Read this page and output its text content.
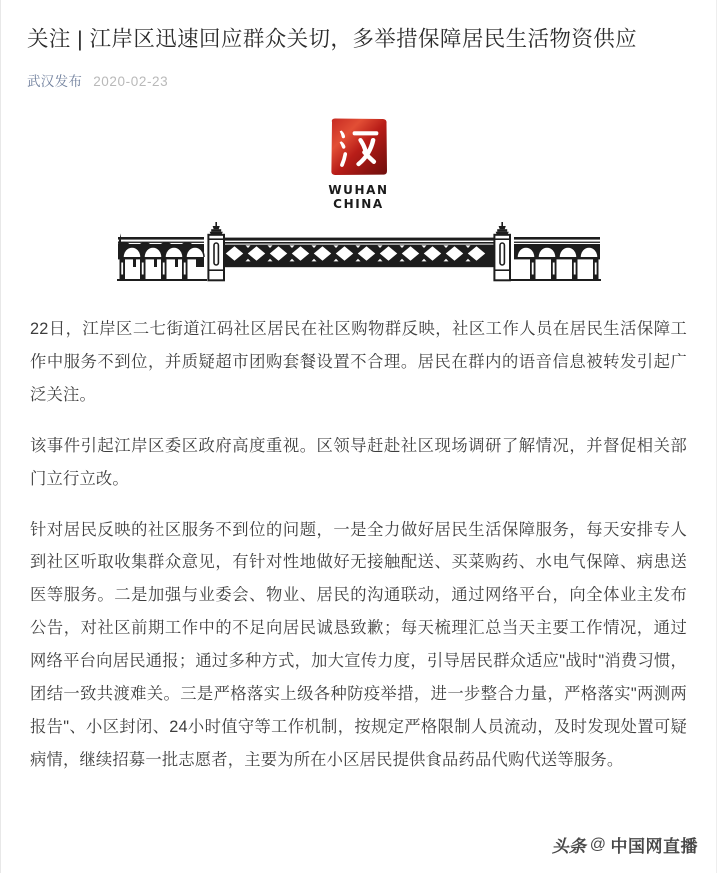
关注 | 江岸区迅速回应群众关切，多举措保障居民生活物资供应
武汉发布 2020-02-23
WUHAN
CHINA

22日，江岸区二七街道江码社区居民在社区购物群反映，社区工作人员在居民生活保障工作中服务不到位，并质疑超市团购套餐设置不合理。居民在群内的语音信息被转发引起广泛关注。

该事件引起江岸区委区政府高度重视。区领导赶赴社区现场调研了解情况，并督促相关部门立行立改。

针对居民反映的社区服务不到位的问题，一是全力做好居民生活保障服务，每天安排专人到社区听取收集群众意见，有针对性地做好无接触配送、买菜购药、水电气保障、病患送医等服务。二是加强与业委会、物业、居民的沟通联动，通过网络平台，向全体业主发布公告，对社区前期工作中的不足向居民诚恳致歉；每天梳理汇总当天主要工作情况，通过网络平台向居民通报；通过多种方式，加大宣传力度，引导居民群众适应"战时"消费习惯，团结一致共渡难关。三是严格落实上级各种防疫举措，进一步整合力量，严格落实"两测两报告"、小区封闭、24小时值守等工作机制，按规定严格限制人员流动，及时发现处置可疑病情，继续招募一批志愿者，主要为所在小区居民提供食品药品代购代送等服务。

头条 @ 中国网直播
